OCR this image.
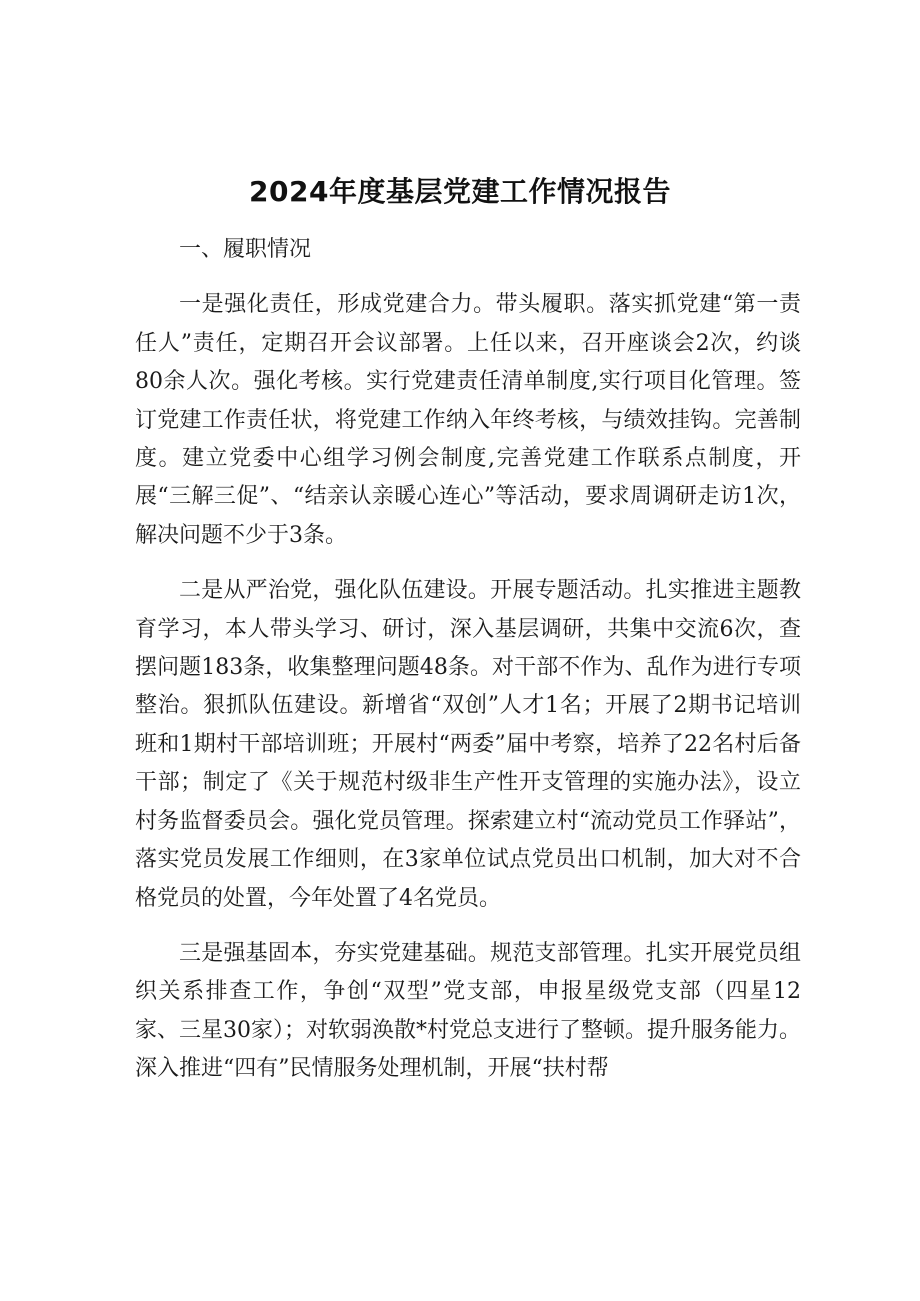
2024年度基层党建工作情况报告

一、履职情况

一是强化责任，形成党建合力。带头履职。落实抓党建“第一责任人”责任，定期召开会议部署。上任以来，召开座谈会2次，约谈80余人次。强化考核。实行党建责任清单制度,实行项目化管理。签订党建工作责任状，将党建工作纳入年终考核，与绩效挂钩。完善制度。建立党委中心组学习例会制度,完善党建工作联系点制度，开展“三解三促”、“结亲认亲暖心连心”等活动，要求周调研走访1次，解决问题不少于3条。

二是从严治党，强化队伍建设。开展专题活动。扎实推进主题教育学习，本人带头学习、研讨，深入基层调研，共集中交流6次，查摆问题183条，收集整理问题48条。对干部不作为、乱作为进行专项整治。狠抓队伍建设。新增省“双创”人才1名；开展了2期书记培训班和1期村干部培训班；开展村“两委”届中考察，培养了22名村后备干部；制定了《关于规范村级非生产性开支管理的实施办法》，设立村务监督委员会。强化党员管理。探索建立村“流动党员工作驿站”，落实党员发展工作细则，在3家单位试点党员出口机制，加大对不合格党员的处置，今年处置了4名党员。

三是强基固本，夯实党建基础。规范支部管理。扎实开展党员组织关系排查工作，争创“双型”党支部，申报星级党支部（四星12家、三星30家）；对软弱涣散*村党总支进行了整顿。提升服务能力。深入推进“四有”民情服务处理机制，开展“扶村帮
